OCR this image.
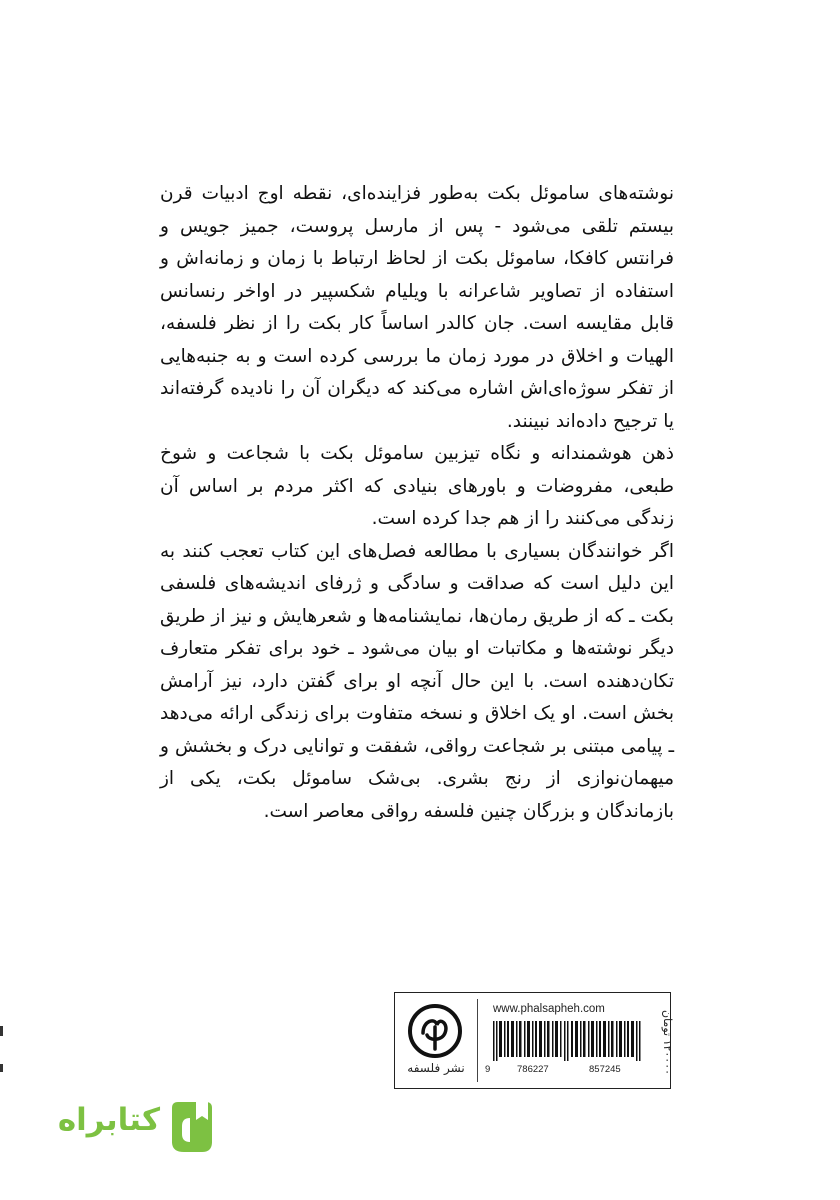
نوشته‌های ساموئل بکت به‌طور فزاینده‌ای، نقطه اوج ادبیات قرن بیستم تلقی می‌شود - پس از مارسل پروست، جمیز جویس و فرانتس کافکا، ساموئل بکت از لحاظ ارتباط با زمان و زمانه‌اش و استفاده از تصاویر شاعرانه با ویلیام شکسپیر در اواخر رنسانس قابل مقایسه است. جان کالدر اساساً کار بکت را از نظر فلسفه، الهیات و اخلاق در مورد زمان ما بررسی کرده است و به جنبه‌هایی از تفکر سوژه‌ای‌اش اشاره می‌کند که دیگران آن را نادیده گرفته‌اند یا ترجیح داده‌اند نبینند.

ذهن هوشمندانه و نگاه تیزبین ساموئل بکت با شجاعت و شوخ طبعی، مفروضات و باورهای بنیادی که اکثر مردم بر اساس آن زندگی می‌کنند را از هم جدا کرده است.

اگر خوانندگان بسیاری با مطالعه فصل‌های این کتاب تعجب کنند به این دلیل است که صداقت و سادگی و ژرفای اندیشه‌های فلسفی بکت ـ که از طریق رمان‌ها، نمایشنامه‌ها و شعرهایش و نیز از طریق دیگر نوشته‌ها و مکاتبات او بیان می‌شود ـ خود برای تفکر متعارف تکان‌دهنده است. با این حال آنچه او برای گفتن دارد، نیز آرامش بخش است. او یک اخلاق و نسخه متفاوت برای زندگی ارائه می‌دهد ـ پیامی مبتنی بر شجاعت رواقی، شفقت و توانایی درک و بخشش و میهمان‌نوازی از رنج بشری. بی‌شک ساموئل بکت، یکی از بازماندگان و بزرگان چنین فلسفه رواقی معاصر است.

نشر فلسفه
www.phalsapheh.com
9	786227	857245
۱۲۰۰۰۰ تومان
کتابراه
